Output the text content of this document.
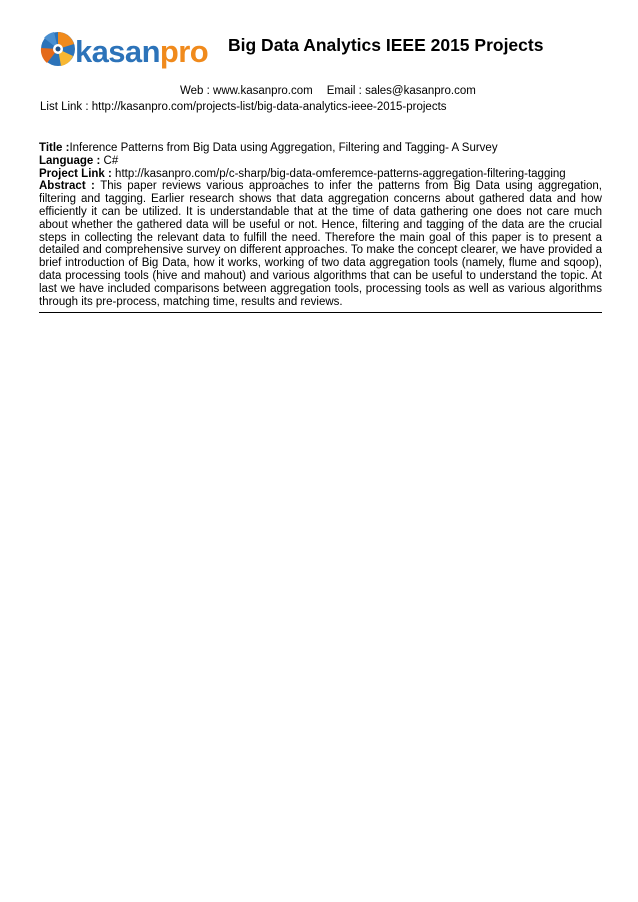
kasanpro Big Data Analytics IEEE 2015 Projects
Web : www.kasanpro.com Email : sales@kasanpro.com
List Link : http://kasanpro.com/projects-list/big-data-analytics-ieee-2015-projects

Title :Inference Patterns from Big Data using Aggregation, Filtering and Tagging- A Survey

Language : C#

Project Link : http://kasanpro.com/p/c-sharp/big-data-omferemce-patterns-aggregation-filtering-tagging

Abstract : This paper reviews various approaches to infer the patterns from Big Data using aggregation, filtering and tagging. Earlier research shows that data aggregation concerns about gathered data and how efficiently it can be utilized. It is understandable that at the time of data gathering one does not care much about whether the gathered data will be useful or not. Hence, filtering and tagging of the data are the crucial steps in collecting the relevant data to fulfill the need. Therefore the main goal of this paper is to present a detailed and comprehensive survey on different approaches. To make the concept clearer, we have provided a brief introduction of Big Data, how it works, working of two data aggregation tools (namely, flume and sqoop), data processing tools (hive and mahout) and various algorithms that can be useful to understand the topic. At last we have included comparisons between aggregation tools, processing tools as well as various algorithms through its pre-process, matching time, results and reviews.
